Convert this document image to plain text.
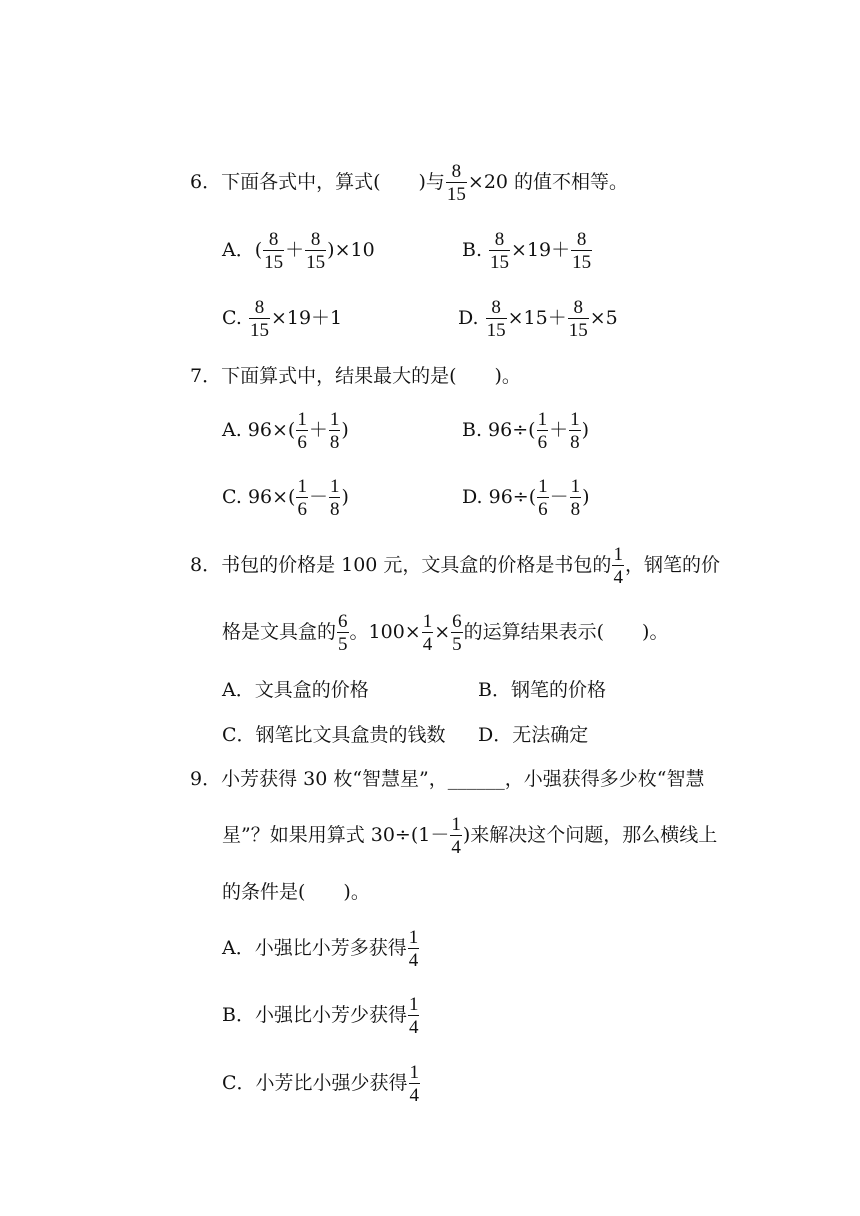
6．下面各式中，算式(　　)与 $\frac{8}{15} \times 20$ 的值不相等。
A．( $\frac{8}{15} + \frac{8}{15} )\times 10$	B. $\frac{8}{15} \times 19+ \frac{8}{15}$
C. $\frac{8}{15} \times 19+1$	D. $\frac{8}{15} \times 15+ \frac{8}{15} \times 5$
7．下面算式中，结果最大的是(　　)。
A. $96\times( \frac{1}{6} + \frac{1}{8}$ )	B. $96\div( \frac{1}{6} + \frac{1}{8}$ )
C. $96\times( \frac{1}{6} - \frac{1}{8}$ )	D. $96\div( \frac{1}{6} - \frac{1}{8}$ )
8．书包的价格是 100 元，文具盒的价格是书包的 $\frac{1}{4}$ ，钢笔的价
格是文具盒的 $\frac{6}{5}$ 。$100\times \frac{1}{4} \times \frac{6}{5}$ 的运算结果表示(　　)。
A．文具盒的价格	B．钢笔的价格
C．钢笔比文具盒贵的钱数 D．无法确定
9．小芳获得 30 枚“智慧星”，______，小强获得多少枚“智慧
星”？如果用算式 $30\div(1- \frac{1}{4}$ )来解决这个问题，那么横线上
的条件是(　　)。
A．小强比小芳多获得 $\frac{1}{4}$
B．小强比小芳少获得 $\frac{1}{4}$
C．小芳比小强少获得 $\frac{1}{4}$
